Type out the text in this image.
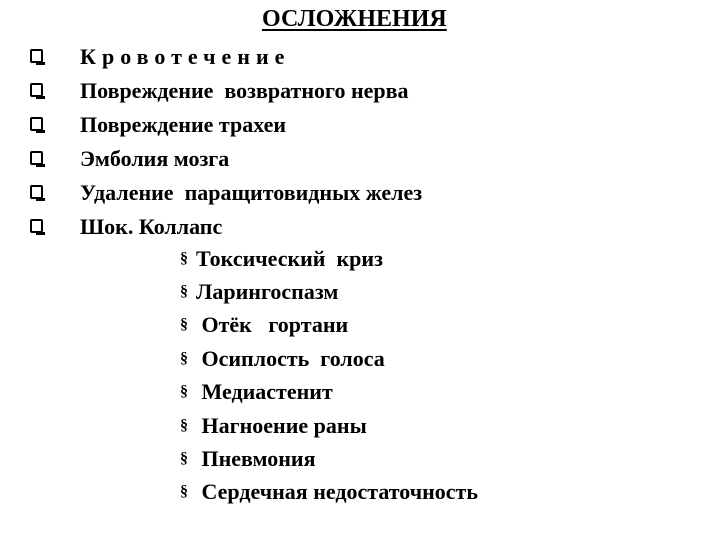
ОСЛОЖНЕНИЯ
Кровотечение
Повреждение  возвратного нерва
Повреждение трахеи
Эмболия мозга
Удаление  паращитовидных желез
Шок. Коллапс
§ Токсический  криз
§ Ларингоспазм
§ Отёк   гортани
§ Осиплость  голоса
§ Медиастенит
§ Нагноение раны
§ Пневмония
§ Сердечная недостаточность
